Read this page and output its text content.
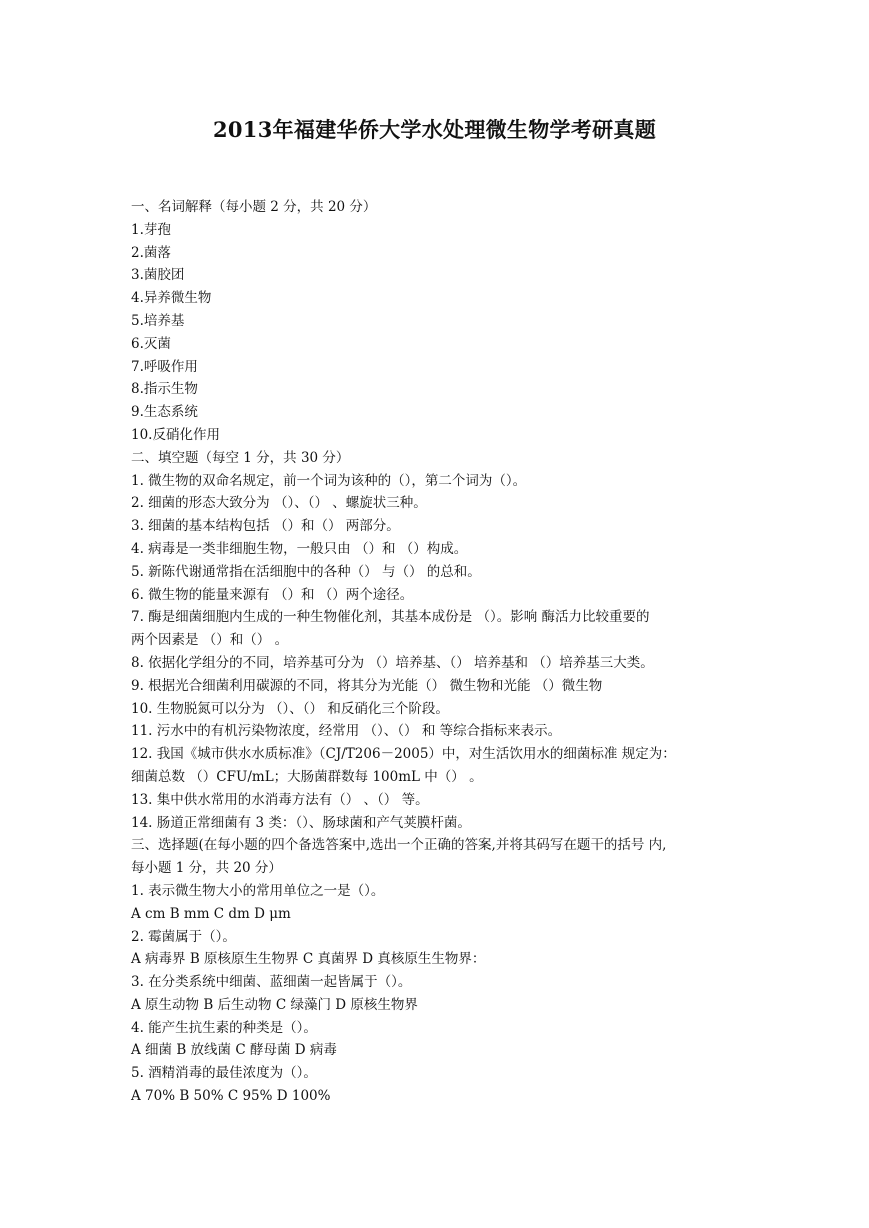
2013年福建华侨大学水处理微生物学考研真题
一、名词解释（每小题 2 分，共 20 分）
1.芽孢
2.菌落
3.菌胶团
4.异养微生物
5.培养基
6.灭菌
7.呼吸作用
8.指示生物
9.生态系统
10.反硝化作用
二、填空题（每空 1 分，共 30 分）
1. 微生物的双命名规定，前一个词为该种的（），第二个词为（）。
2. 细菌的形态大致分为 （）、（） 、螺旋状三种。
3. 细菌的基本结构包括 （）和（） 两部分。
4. 病毒是一类非细胞生物，一般只由 （）和 （）构成。
5. 新陈代谢通常指在活细胞中的各种（） 与（） 的总和。
6. 微生物的能量来源有 （）和 （）两个途径。
7. 酶是细菌细胞内生成的一种生物催化剂，其基本成份是 （）。影响 酶活力比较重要的
两个因素是 （）和（） 。
8. 依据化学组分的不同，培养基可分为 （）培养基、（） 培养基和 （）培养基三大类。
9. 根据光合细菌利用碳源的不同，将其分为光能（） 微生物和光能 （）微生物
10. 生物脱氮可以分为 （）、（） 和反硝化三个阶段。
11. 污水中的有机污染物浓度，经常用 （）、（） 和 等综合指标来表示。
12. 我国《城市供水水质标准》（CJ/T206－2005）中，对生活饮用水的细菌标准 规定为：
细菌总数 （）CFU/mL；大肠菌群数每 100mL 中（） 。
13. 集中供水常用的水消毒方法有（） 、（） 等。
14. 肠道正常细菌有 3 类：（）、肠球菌和产气荚膜杆菌。
三、选择题(在每小题的四个备选答案中,选出一个正确的答案,并将其码写在题干的括号 内,
每小题 1 分，共 20 分）
1. 表示微生物大小的常用单位之一是（）。
A cm B mm C dm D μm
2. 霉菌属于（）。
A 病毒界 B 原核原生生物界 C 真菌界 D 真核原生生物界：
3. 在分类系统中细菌、蓝细菌一起皆属于（）。
A 原生动物 B 后生动物 C 绿藻门 D 原核生物界
4. 能产生抗生素的种类是（）。
A 细菌 B 放线菌 C 酵母菌 D 病毒
5. 酒精消毒的最佳浓度为（）。
A 70% B 50% C 95% D 100%
